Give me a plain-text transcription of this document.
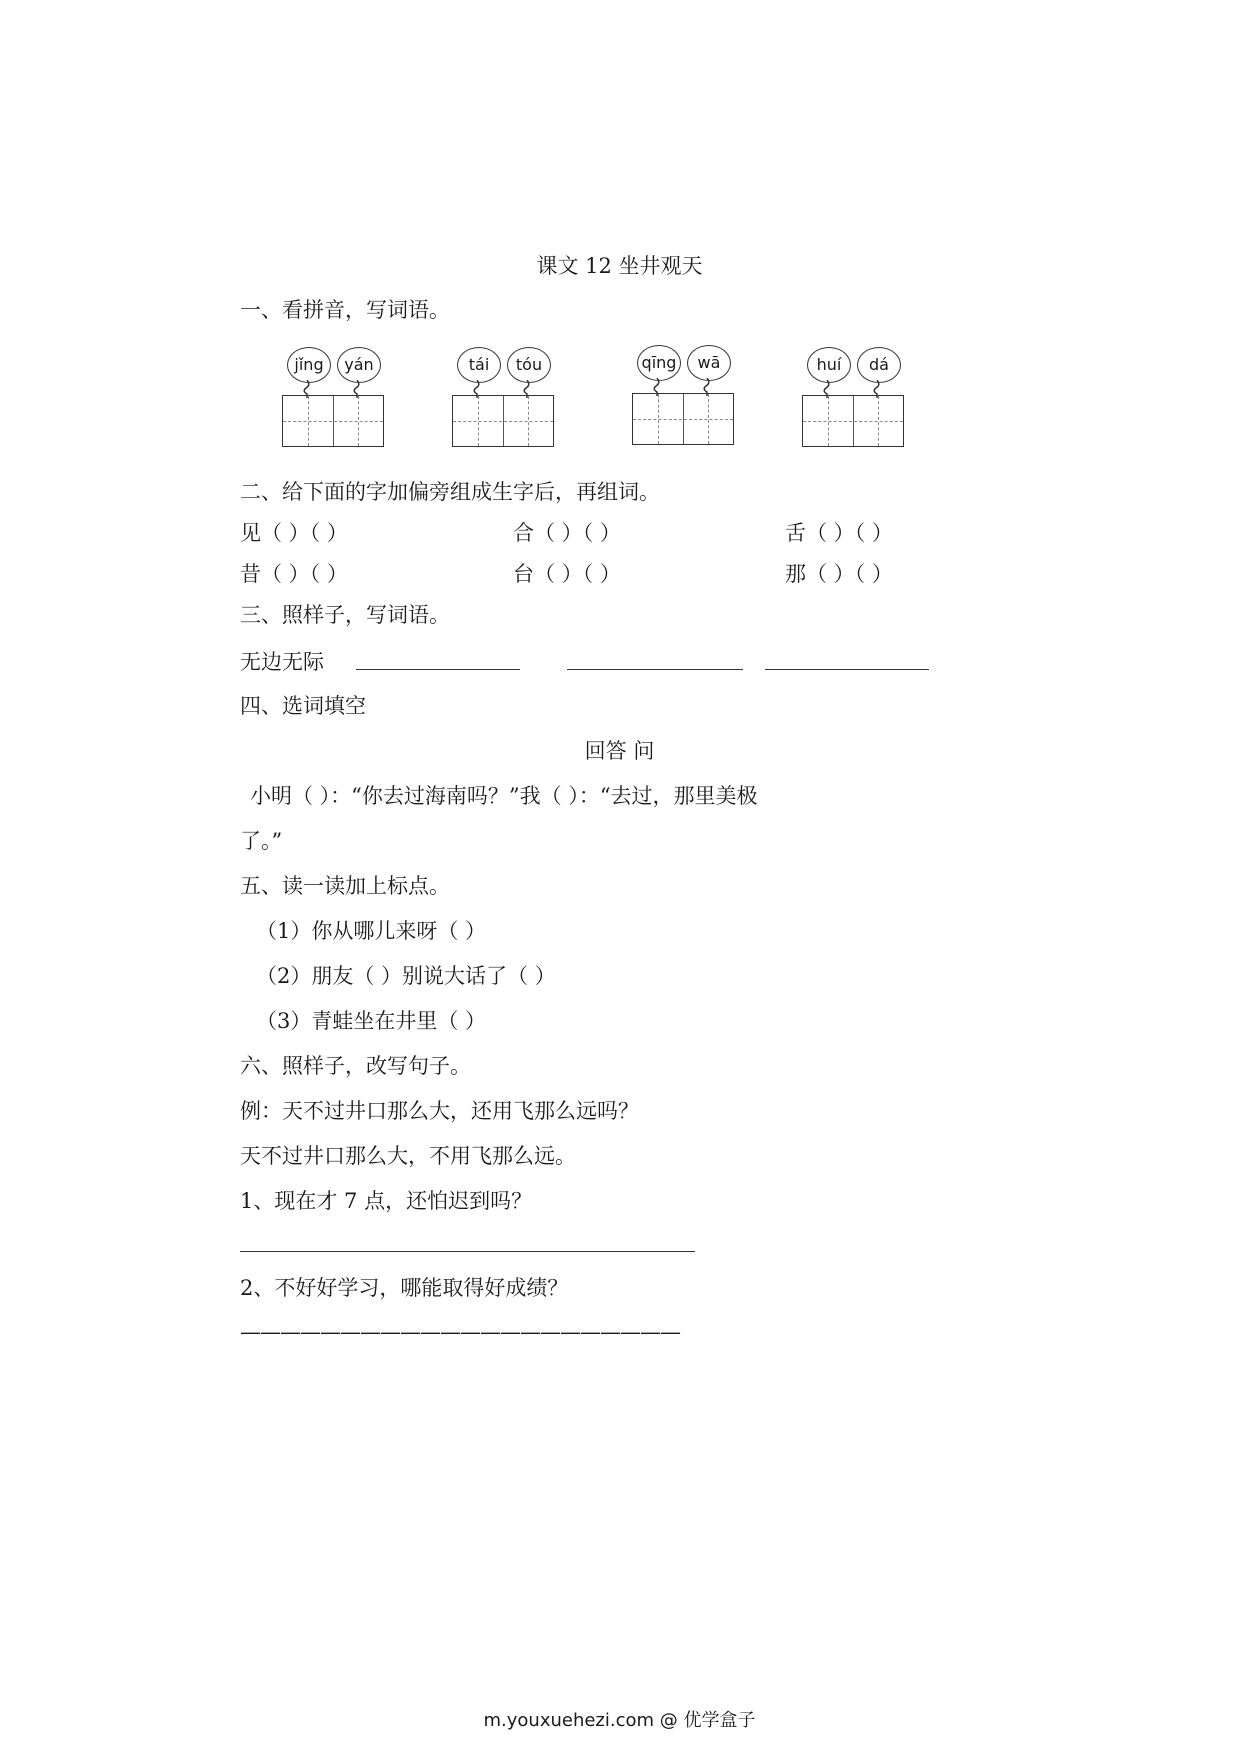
课文 12 坐井观天
一、看拼音，写词语。
jǐng	yán	tái	tóu	qīng	wā	huí	dá
二、给下面的字加偏旁组成生字后，再组词。
见（ ）（ ）	合（ ）（ ）	舌（ ）（ ）
昔（ ）（ ）	台（ ）（ ）	那（ ）（ ）
三、照样子，写词语。
无边无际
四、选词填空
回答 问
小明（ ）：“你去过海南吗？”我（ ）：“去过，那里美极
了。”
五、读一读加上标点。
（1）你从哪儿来呀（ ）
（2）朋友（ ）别说大话了（ ）
（3）青蛙坐在井里（ ）
六、照样子，改写句子。
例：天不过井口那么大，还用飞那么远吗？
天不过井口那么大，不用飞那么远。
1、现在才 7 点，还怕迟到吗？
2、不好好学习，哪能取得好成绩？
——————————————————————
m.youxuehezi.com @ 优学盒子
